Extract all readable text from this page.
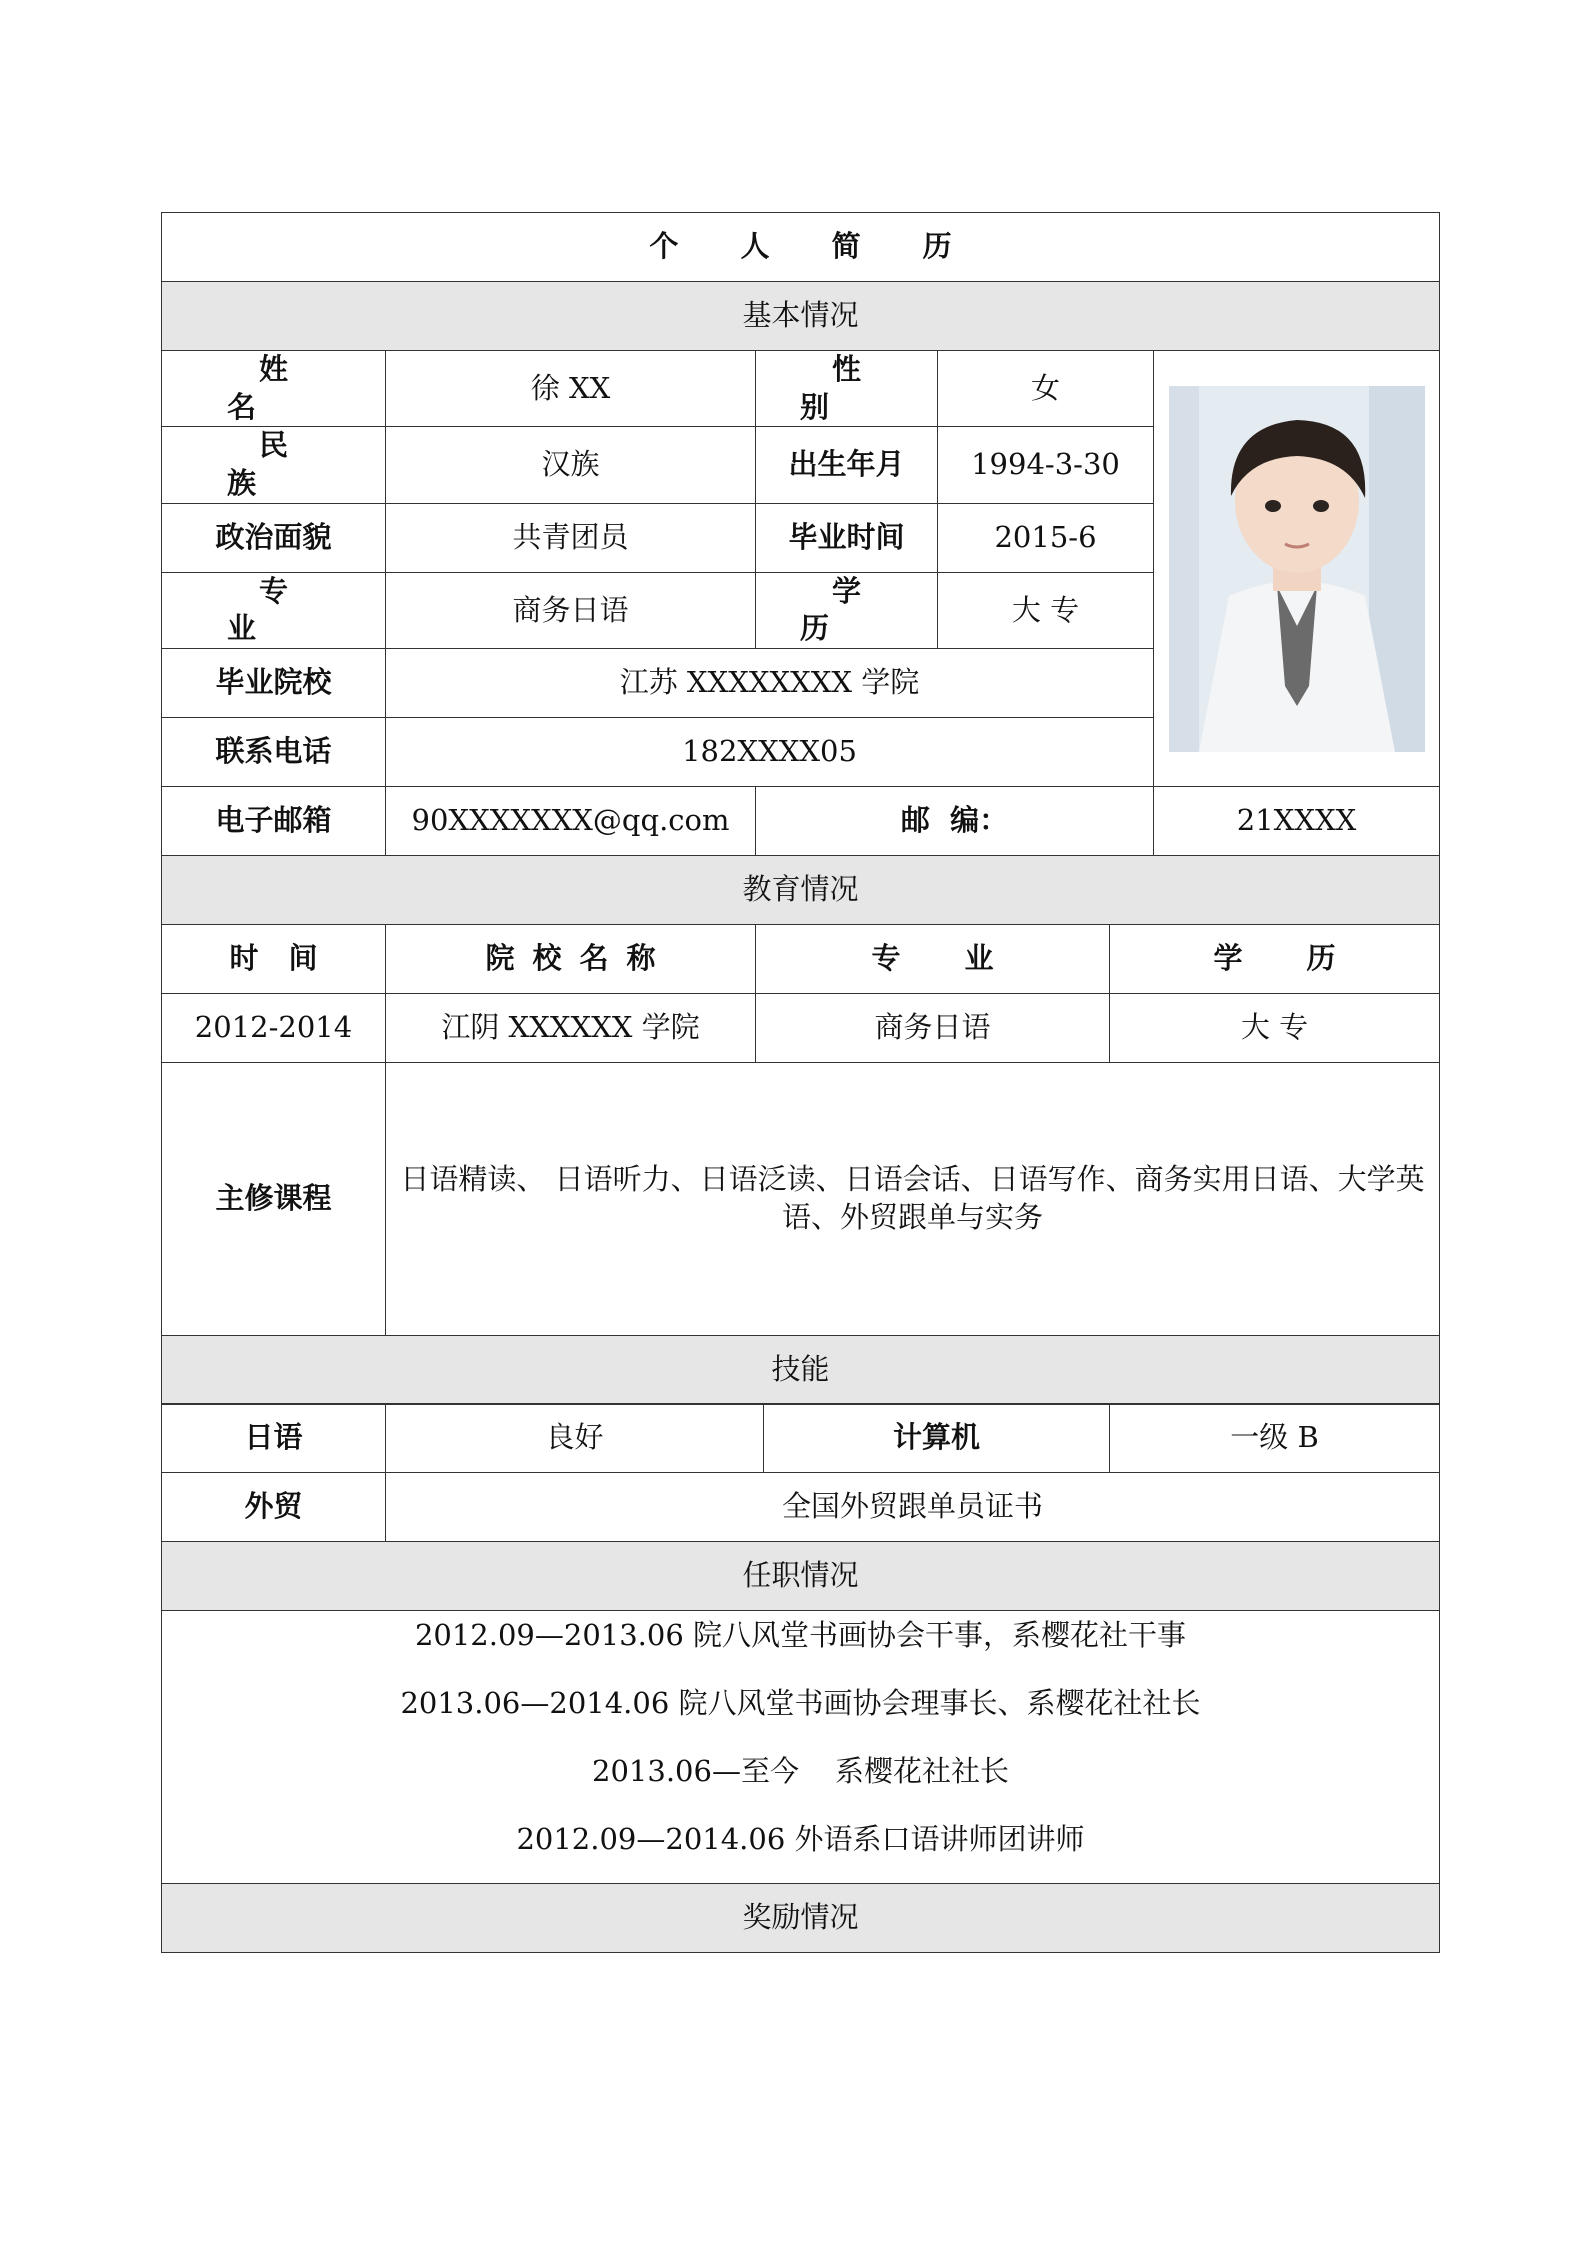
个 人 简 历				
基本情况				
姓名	徐 XX	性别	女	

民族	汉族	出生年月	1994-3-30	
政治面貌	共青团员	毕业时间	2015-6	
专业	商务日语	学历	大 专	
毕业院校	江苏 XXXXXXXX 学院			
联系电话	182XXXX05			
电子邮箱	90XXXXXXX@qq.com	邮  编：		21XXXX
教育情况				
时间	院校名称	专业	学历
2012-2014	江阴 XXXXXX 学院	商务日语	大 专
主修课程	日语精读、 日语听力、日语泛读、日语会话、日语写作、商务实用日语、大学英语、外贸跟单与实务		
技能			
日语	良好	计算机	一级 B
外贸	全国外贸跟单员证书		
任职情况			

2012.09—2013.06 院八风堂书画协会干事，系樱花社干事
2013.06—2014.06 院八风堂书画协会理事长、系樱花社社长
2013.06—至今 系樱花社社长
2012.09—2014.06 外语系口语讲师团讲师			

奖励情况			
